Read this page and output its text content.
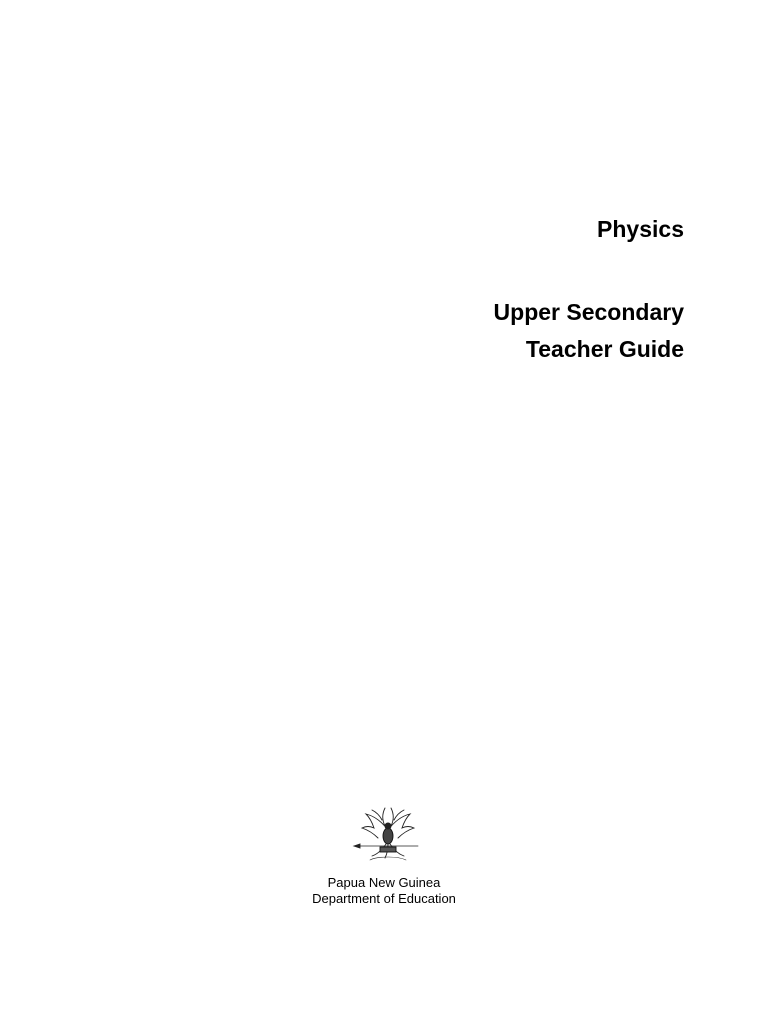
Physics
Upper Secondary
Teacher Guide
Papua New Guinea
Department of Education
